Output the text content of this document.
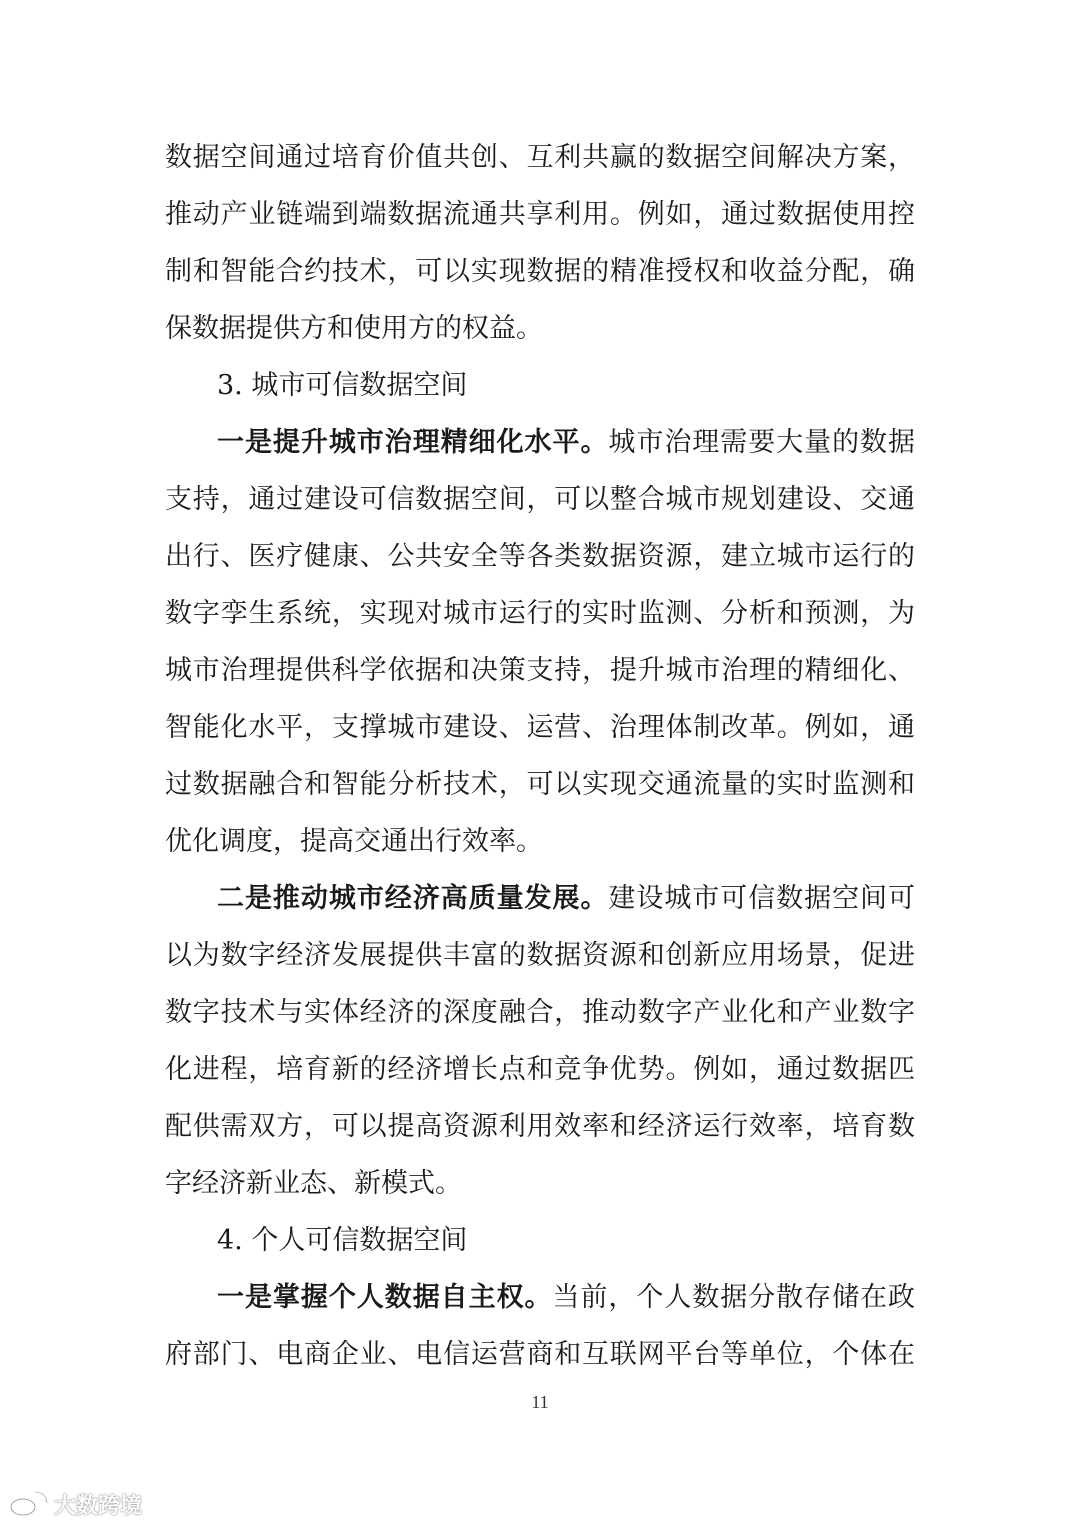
数据空间通过培育价值共创、互利共赢的数据空间解决方案，
推动产业链端到端数据流通共享利用。例如，通过数据使用控
制和智能合约技术，可以实现数据的精准授权和收益分配，确
保数据提供方和使用方的权益。
3. 城市可信数据空间
一是提升城市治理精细化水平。城市治理需要大量的数据
支持，通过建设可信数据空间，可以整合城市规划建设、交通
出行、医疗健康、公共安全等各类数据资源，建立城市运行的
数字孪生系统，实现对城市运行的实时监测、分析和预测，为
城市治理提供科学依据和决策支持，提升城市治理的精细化、
智能化水平，支撑城市建设、运营、治理体制改革。例如，通
过数据融合和智能分析技术，可以实现交通流量的实时监测和
优化调度，提高交通出行效率。
二是推动城市经济高质量发展。建设城市可信数据空间可
以为数字经济发展提供丰富的数据资源和创新应用场景，促进
数字技术与实体经济的深度融合，推动数字产业化和产业数字
化进程，培育新的经济增长点和竞争优势。例如，通过数据匹
配供需双方，可以提高资源利用效率和经济运行效率，培育数
字经济新业态、新模式。
4. 个人可信数据空间
一是掌握个人数据自主权。当前，个人数据分散存储在政
府部门、电商企业、电信运营商和互联网平台等单位，个体在
11
大数跨境
